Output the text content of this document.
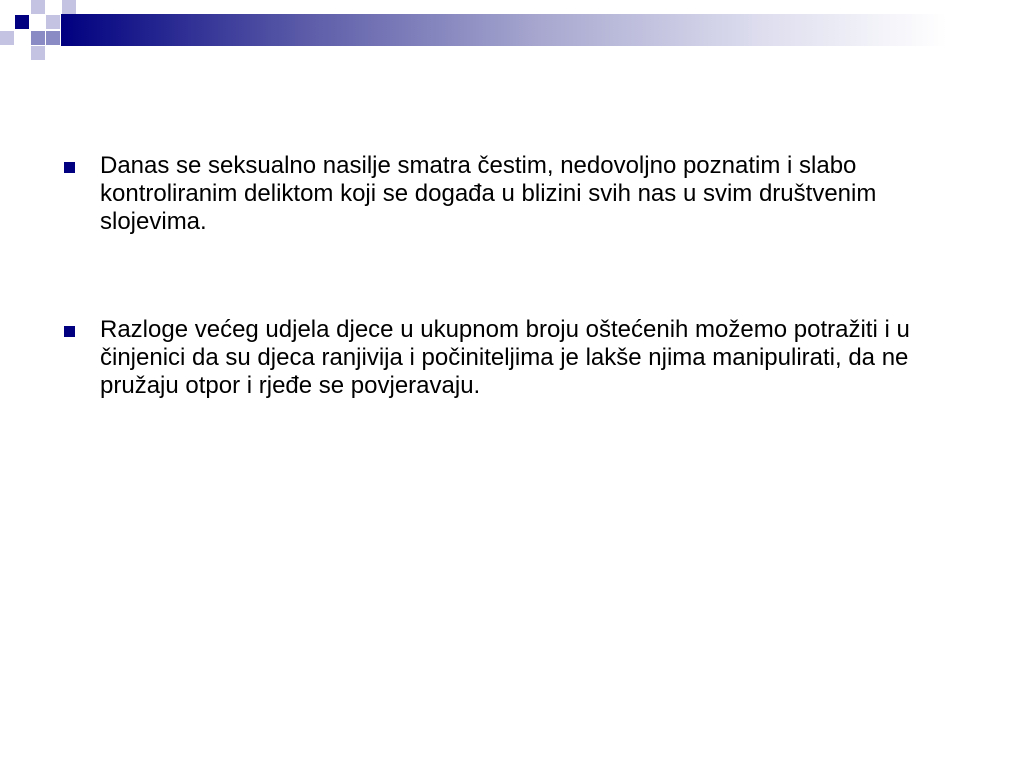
Danas se seksualno nasilje smatra čestim, nedovoljno poznatim i slabo kontroliranim deliktom koji se događa u blizini svih nas u svim društvenim slojevima.
Razloge većeg udjela djece u ukupnom broju oštećenih možemo potražiti i u činjenici da su djeca ranjivija i počiniteljima je lakše njima manipulirati, da ne pružaju otpor i rjeđe se povjeravaju.
